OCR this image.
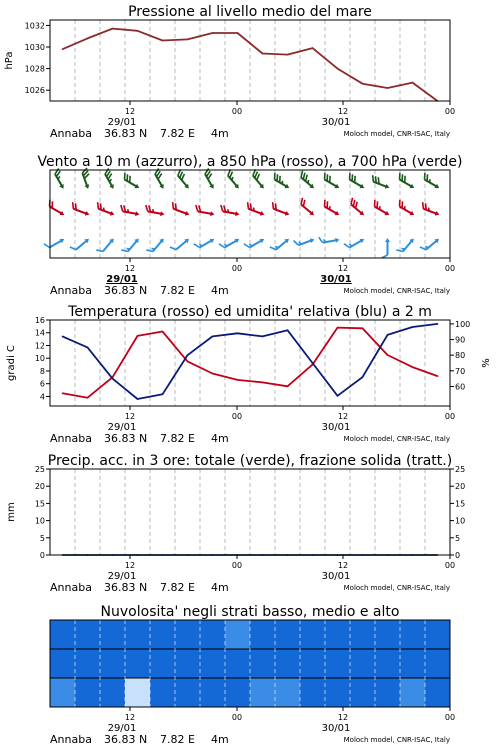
Pressione al livello medio del mare
1026
1028
1030
1032
hPa
12	00	12	00
29/01	30/01
Annaba 36.83 N 7.82 E 4m	Moloch model, CNR-ISAC, Italy
Vento a 10 m (azzurro), a 850 hPa (rosso), a 700 hPa (verde)
12	00	12	00
29/01	30/01
Annaba 36.83 N 7.82 E 4m	Moloch model, CNR-ISAC, Italy
Temperatura (rosso) ed umidita' relativa (blu) a 2 m
4
6
8
10
12
14
16
60
70
80
90
100
gradi C	%
12	00	12	00
29/01	30/01
Annaba 36.83 N 7.82 E 4m	Moloch model, CNR-ISAC, Italy
Precip. acc. in 3 ore: totale (verde), frazione solida (tratt.)
0
5
10
15
20
25
0
5
10
15
20
25
mm
12	00	12	00
29/01	30/01
Annaba 36.83 N 7.82 E 4m	Moloch model, CNR-ISAC, Italy
Nuvolosita' negli strati basso, medio e alto
12	00	12	00
29/01	30/01
Annaba 36.83 N 7.82 E 4m	Moloch model, CNR-ISAC, Italy
